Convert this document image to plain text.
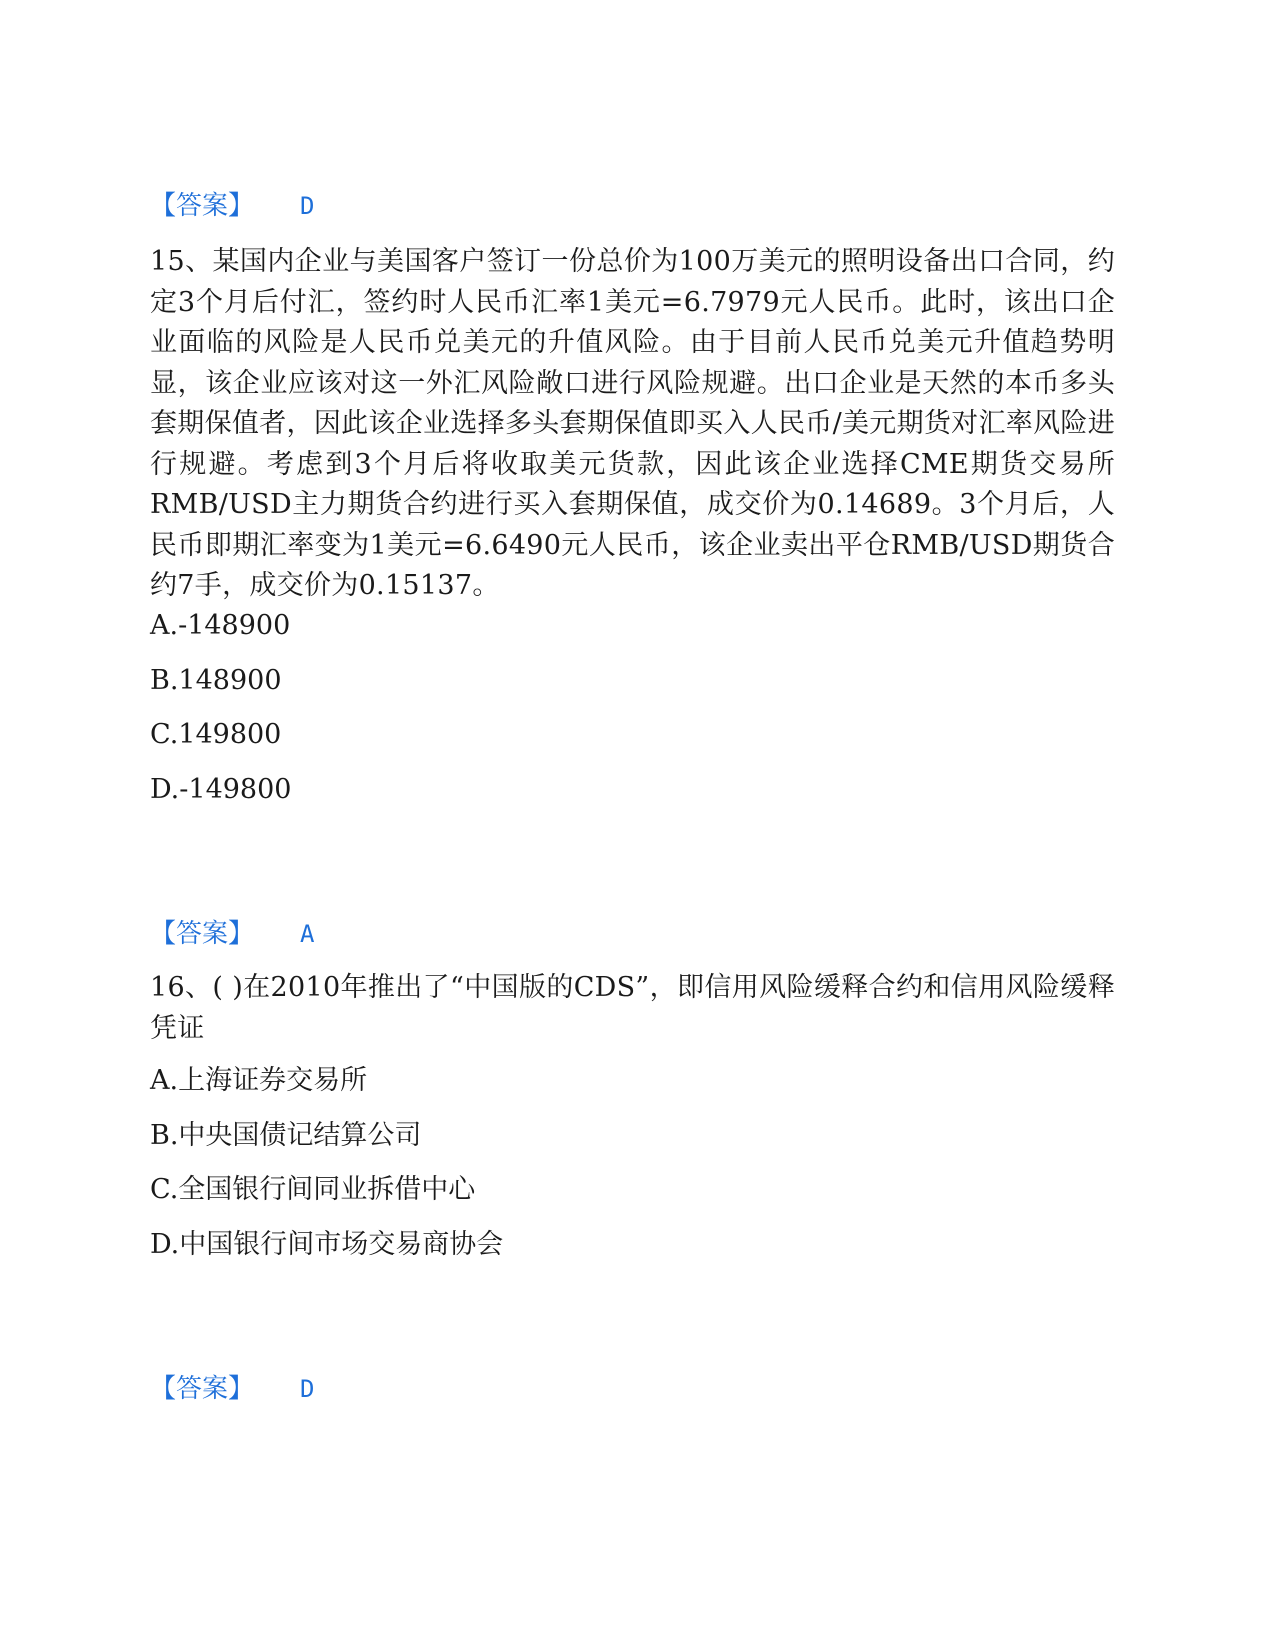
【答案】 D
15、某国内企业与美国客户签订一份总价为100万美元的照明设备出口合同，约定3个月后付汇，签约时人民币汇率1美元=6.7979元人民币。此时，该出口企业面临的风险是人民币兑美元的升值风险。由于目前人民币兑美元升值趋势明显，该企业应该对这一外汇风险敞口进行风险规避。出口企业是天然的本币多头套期保值者，因此该企业选择多头套期保值即买入人民币/美元期货对汇率风险进行规避。考虑到3个月后将收取美元货款，因此该企业选择CME期货交易所RMB/USD主力期货合约进行买入套期保值，成交价为0.14689。3个月后，人民币即期汇率变为1美元=6.6490元人民币，该企业卖出平仓RMB/USD期货合约7手，成交价为0.15137。
A.-148900
B.148900
C.149800
D.-149800
【答案】 A
16、( )在2010年推出了“中国版的CDS”，即信用风险缓释合约和信用风险缓释凭证
A.上海证券交易所
B.中央国债记结算公司
C.全国银行间同业拆借中心
D.中国银行间市场交易商协会
【答案】 D
